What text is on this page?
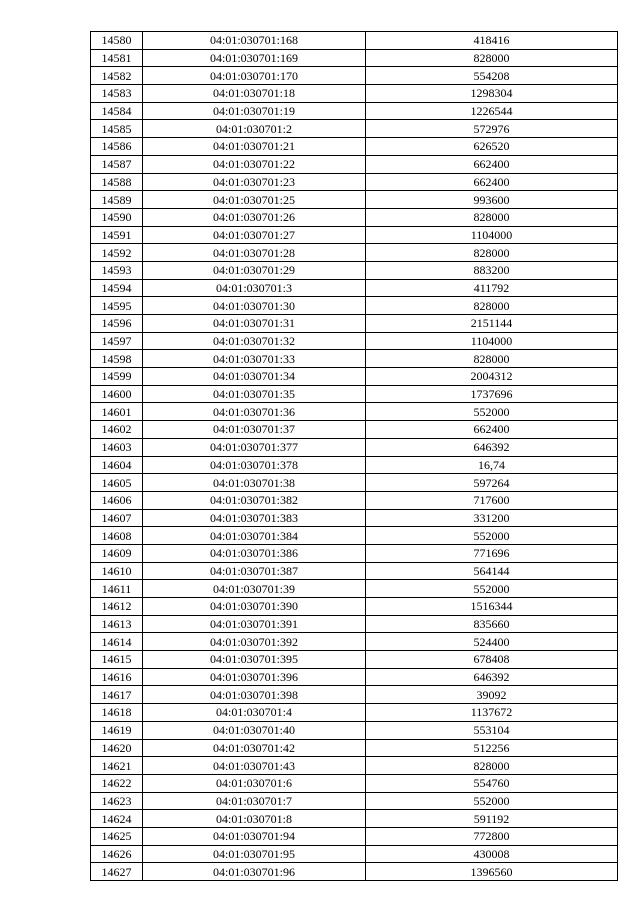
14580	04:01:030701:168	418416
14581	04:01:030701:169	828000
14582	04:01:030701:170	554208
14583	04:01:030701:18	1298304
14584	04:01:030701:19	1226544
14585	04:01:030701:2	572976
14586	04:01:030701:21	626520
14587	04:01:030701:22	662400
14588	04:01:030701:23	662400
14589	04:01:030701:25	993600
14590	04:01:030701:26	828000
14591	04:01:030701:27	1104000
14592	04:01:030701:28	828000
14593	04:01:030701:29	883200
14594	04:01:030701:3	411792
14595	04:01:030701:30	828000
14596	04:01:030701:31	2151144
14597	04:01:030701:32	1104000
14598	04:01:030701:33	828000
14599	04:01:030701:34	2004312
14600	04:01:030701:35	1737696
14601	04:01:030701:36	552000
14602	04:01:030701:37	662400
14603	04:01:030701:377	646392
14604	04:01:030701:378	16,74
14605	04:01:030701:38	597264
14606	04:01:030701:382	717600
14607	04:01:030701:383	331200
14608	04:01:030701:384	552000
14609	04:01:030701:386	771696
14610	04:01:030701:387	564144
14611	04:01:030701:39	552000
14612	04:01:030701:390	1516344
14613	04:01:030701:391	835660
14614	04:01:030701:392	524400
14615	04:01:030701:395	678408
14616	04:01:030701:396	646392
14617	04:01:030701:398	39092
14618	04:01:030701:4	1137672
14619	04:01:030701:40	553104
14620	04:01:030701:42	512256
14621	04:01:030701:43	828000
14622	04:01:030701:6	554760
14623	04:01:030701:7	552000
14624	04:01:030701:8	591192
14625	04:01:030701:94	772800
14626	04:01:030701:95	430008
14627	04:01:030701:96	1396560
